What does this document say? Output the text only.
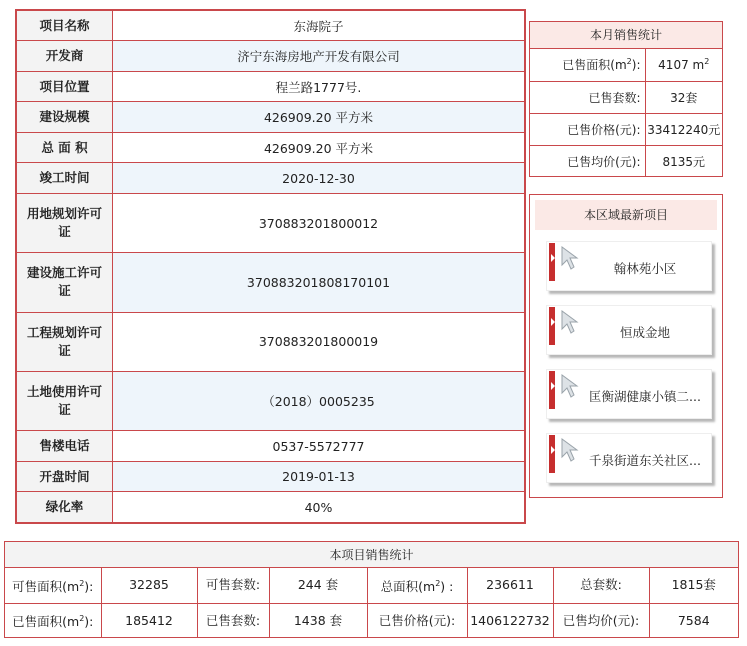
项目名称	东海院子
开发商	济宁东海房地产开发有限公司
项目位置	程兰路1777号.
建设规模	426909.20 平方米
总 面 积	426909.20 平方米
竣工时间	2020-12-30
用地规划许可证	370883201800012
建设施工许可证	370883201808170101
工程规划许可证	370883201800019
土地使用许可证	（2018）0005235
售楼电话	0537-5572777
开盘时间	2019-01-13
绿化率	40%
本月销售统计
已售面积$(m^2)$:	4107 $m^2$
已售套数:	32套
已售价格(元):	33412240元
已售均价(元):	8135元
本区域最新项目
翰林苑小区
恒成金地
匡衡湖健康小镇二...
千泉街道东关社区...
本项目销售统计
可售面积$(m^2)$:	32285	可售套数:	244 套	总面积$(m^2)$ :	236611	总套数:	1815套
已售面积$(m^2)$:	185412	已售套数:	1438 套	已售价格(元):	1406122732	已售均价(元):	7584
